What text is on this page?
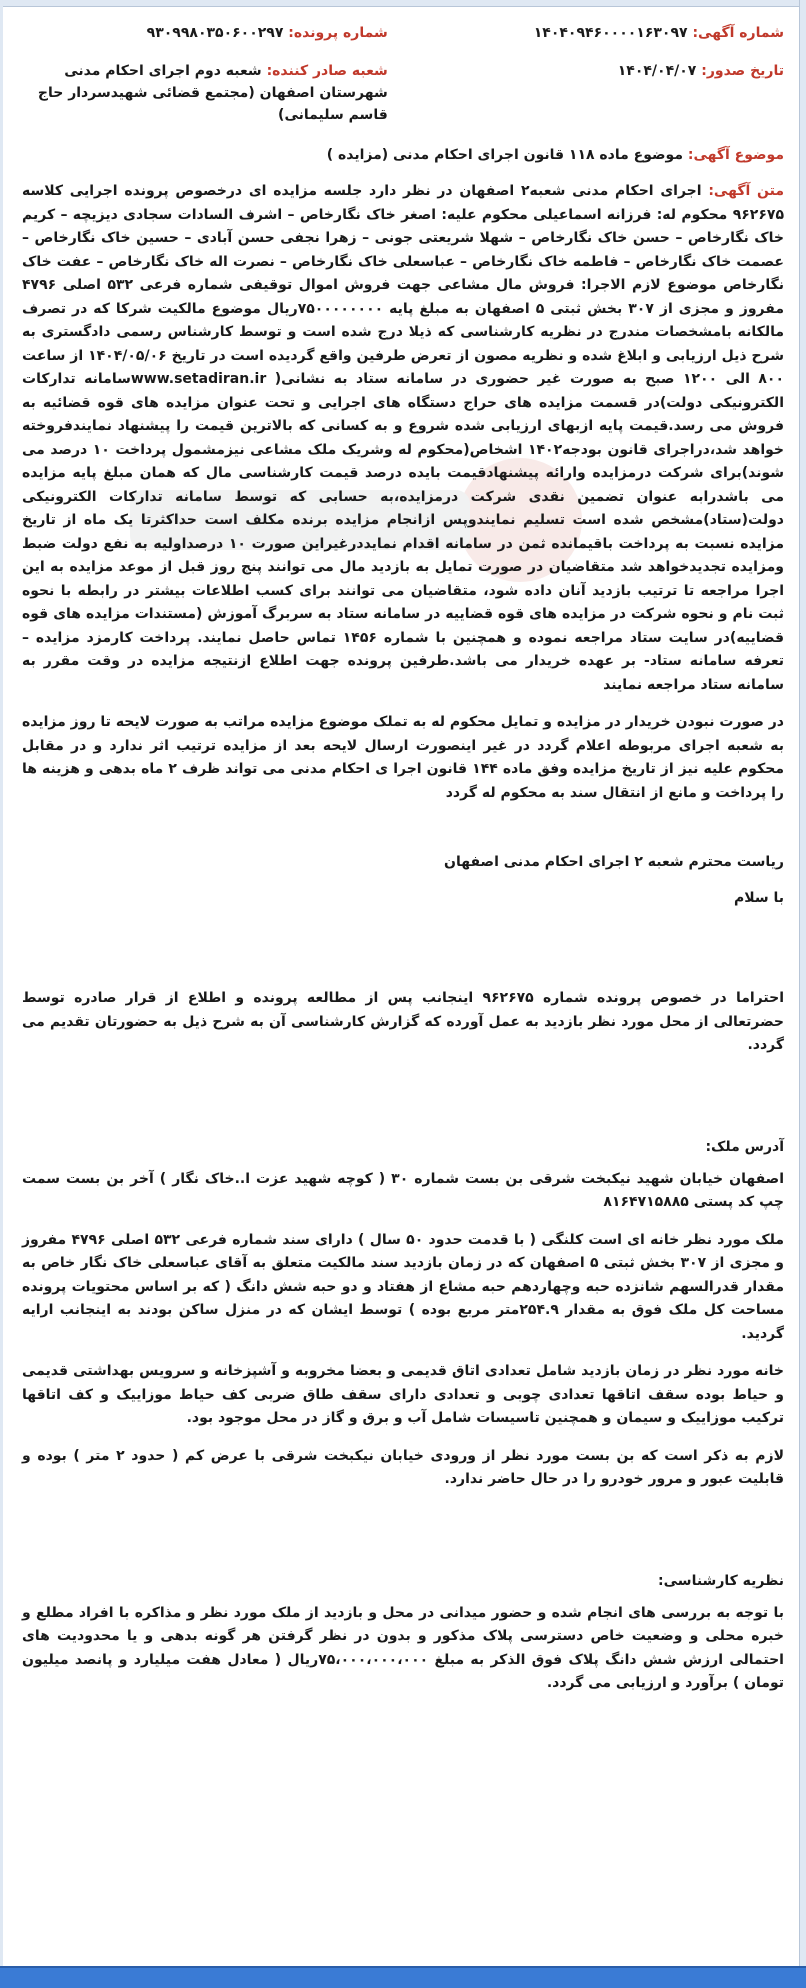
شماره آگهی: ۱۴۰۴۰۹۴۶۰۰۰۰۱۶۳۰۹۷
شماره پرونده: ۹۳۰۹۹۸۰۳۵۰۶۰۰۲۹۷
تاریخ صدور: ۱۴۰۴/۰۴/۰۷
شعبه صادر کننده: شعبه دوم اجرای احکام مدنی شهرستان اصفهان (مجتمع قضائی شهیدسردار حاج قاسم سلیمانی)
موضوع آگهی: موضوع ماده ۱۱۸ قانون اجرای احکام مدنی (مزایده )

متن آگهی: اجرای احکام مدنی شعبه۲ اصفهان در نظر دارد جلسه مزایده ای درخصوص پرونده اجرایی کلاسه ۹۶۲۶۷۵ محکوم له: فرزانه اسماعیلی محکوم علیه: اصغر خاک نگارخاص – اشرف السادات سجادی دیزیچه – کریم خاک نگارخاص – حسن خاک نگارخاص – شهلا شریعتی جونی – زهرا نجفی حسن آبادی – حسین خاک نگارخاص – عصمت خاک نگارخاص – فاطمه خاک نگارخاص – عباسعلی خاک نگارخاص – نصرت اله خاک نگارخاص – عفت خاک نگارخاص موضوع لازم الاجرا: فروش مال مشاعی جهت فروش اموال توقیفی شماره فرعی ۵۳۲ اصلی ۴۷۹۶ مفروز و مجزی از ۳۰۷ بخش ثبتی ۵ اصفهان به مبلغ پایه ۷۵۰۰۰۰۰۰۰۰ریال موضوع مالکیت شرکا که در تصرف مالکانه بامشخصات مندرج در نظریه کارشناسی که ذیلا درج شده است و توسط کارشناس رسمی دادگستری به شرح ذیل ارزیابی و ابلاغ شده و نظریه مصون از تعرض طرفین واقع گردیده است در تاریخ ۱۴۰۴/۰۵/۰۶ از ساعت ۸۰۰ الی ۱۲۰۰ صبح به صورت غیر حضوری در سامانه ستاد به نشانی( www.setadiran.irسامانه تدارکات الکترونیکی دولت)در قسمت مزایده های حراج دستگاه های اجرایی و تحت عنوان مزایده های قوه قضائیه به فروش می رسد.قیمت پایه ازبهای ارزیابی شده شروع و به کسانی که بالاترین قیمت را پیشنهاد نمایندفروخته خواهد شد،دراجرای قانون بودجه۱۴۰۲ اشخاص(محکوم له وشریک ملک مشاعی نیزمشمول پرداخت ۱۰ درصد می شوند)برای شرکت درمزایده وارائه پیشنهادقیمت بایده درصد قیمت کارشناسی مال که همان مبلغ پایه مزایده می باشدرابه عنوان تضمین نقدی شرکت درمزایده،به حسابی که توسط سامانه تدارکات الکترونیکی دولت(ستاد)مشخص شده است تسلیم نمایندوپس ازانجام مزایده برنده مکلف است حداکثرتا یک ماه از تاریخ مزایده نسبت به پرداخت باقیمانده ثمن در سامانه اقدام نمایددرغیراین صورت ۱۰ درصداولیه به نفع دولت ضبط ومزایده تجدیدخواهد شد متقاضیان در صورت تمایل به بازدید مال می توانند پنج روز قبل از موعد مزایده به این اجرا مراجعه تا ترتیب بازدید آنان داده شود، متقاضیان می توانند برای کسب اطلاعات بیشتر در رابطه با نحوه ثبت نام و نحوه شرکت در مزایده های قوه قضاییه در سامانه ستاد به سربرگ آموزش (مستندات مزایده های قوه قضاییه)در سایت ستاد مراجعه نموده و همچنین با شماره ۱۴۵۶ تماس حاصل نمایند. پرداخت کارمزد مزایده – تعرفه سامانه ستاد- بر عهده خریدار می باشد.طرفین پرونده جهت اطلاع ازنتیجه مزایده در وقت مقرر به سامانه ستاد مراجعه نمایند

در صورت نبودن خریدار در مزایده و تمایل محکوم له به تملک موضوع مزایده مراتب به صورت لایحه تا روز مزایده به شعبه اجرای مربوطه اعلام گردد در غیر اینصورت ارسال لایحه بعد از مزایده ترتیب اثر ندارد و در مقابل محکوم علیه نیز از تاریخ مزایده وفق ماده ۱۴۴ قانون اجرا ی احکام مدنی می تواند ظرف ۲ ماه بدهی و هزینه ها را پرداخت و مانع از انتقال سند به محکوم له گردد

ریاست محترم شعبه ۲ اجرای احکام مدنی اصفهان

با سلام

احتراما در خصوص پرونده شماره ۹۶۲۶۷۵ اینجانب پس از مطالعه پرونده و اطلاع از قرار صادره توسط حضرتعالی از محل مورد نظر بازدید به عمل آورده که گزارش کارشناسی آن به شرح ذیل به حضورتان تقدیم می گردد.

آدرس ملک:

اصفهان خیابان شهید نیکبخت شرقی بن بست شماره ۳۰ ( کوچه شهید عزت ا..خاک نگار ) آخر بن بست سمت چپ کد پستی ۸۱۶۴۷۱۵۸۸۵

ملک مورد نظر خانه ای است کلنگی ( با قدمت حدود ۵۰ سال ) دارای سند شماره فرعی ۵۳۲ اصلی ۴۷۹۶ مفروز و مجزی از ۳۰۷ بخش ثبتی ۵ اصفهان که در زمان بازدید سند مالکیت متعلق به آقای عباسعلی خاک نگار خاص به مقدار قدرالسهم شانزده حبه وچهاردهم حبه مشاع از هفتاد و دو حبه شش دانگ ( که بر اساس محتویات پرونده مساحت کل ملک فوق به مقدار ۲۵۴.۹متر مربع بوده ) توسط ایشان که در منزل ساکن بودند به اینجانب ارایه گردید.

خانه مورد نظر در زمان بازدید شامل تعدادی اتاق قدیمی و بعضا مخروبه و آشپزخانه و سرویس بهداشتی قدیمی و حیاط بوده سقف اتاقها تعدادی چوبی و تعدادی دارای سقف طاق ضربی کف حیاط موزاییک و کف اتاقها ترکیب موزاییک و سیمان و همچنین تاسیسات شامل آب و برق و گاز در محل موجود بود.

لازم به ذکر است که بن بست مورد نظر از ورودی خیابان نیکبخت شرقی با عرض کم ( حدود ۲ متر ) بوده و قابلیت عبور و مرور خودرو را در حال حاضر ندارد.

نظریه کارشناسی:

با توجه به بررسی های انجام شده و حضور میدانی در محل و بازدید از ملک مورد نظر و مذاکره با افراد مطلع و خبره محلی و وضعیت خاص دسترسی پلاک مذکور و بدون در نظر گرفتن هر گونه بدهی و یا محدودیت های احتمالی ارزش شش دانگ پلاک فوق الذکر به مبلغ ۷۵،۰۰۰،۰۰۰،۰۰۰ریال ( معادل هفت میلیارد و پانصد میلیون تومان ) برآورد و ارزیابی می گردد.
